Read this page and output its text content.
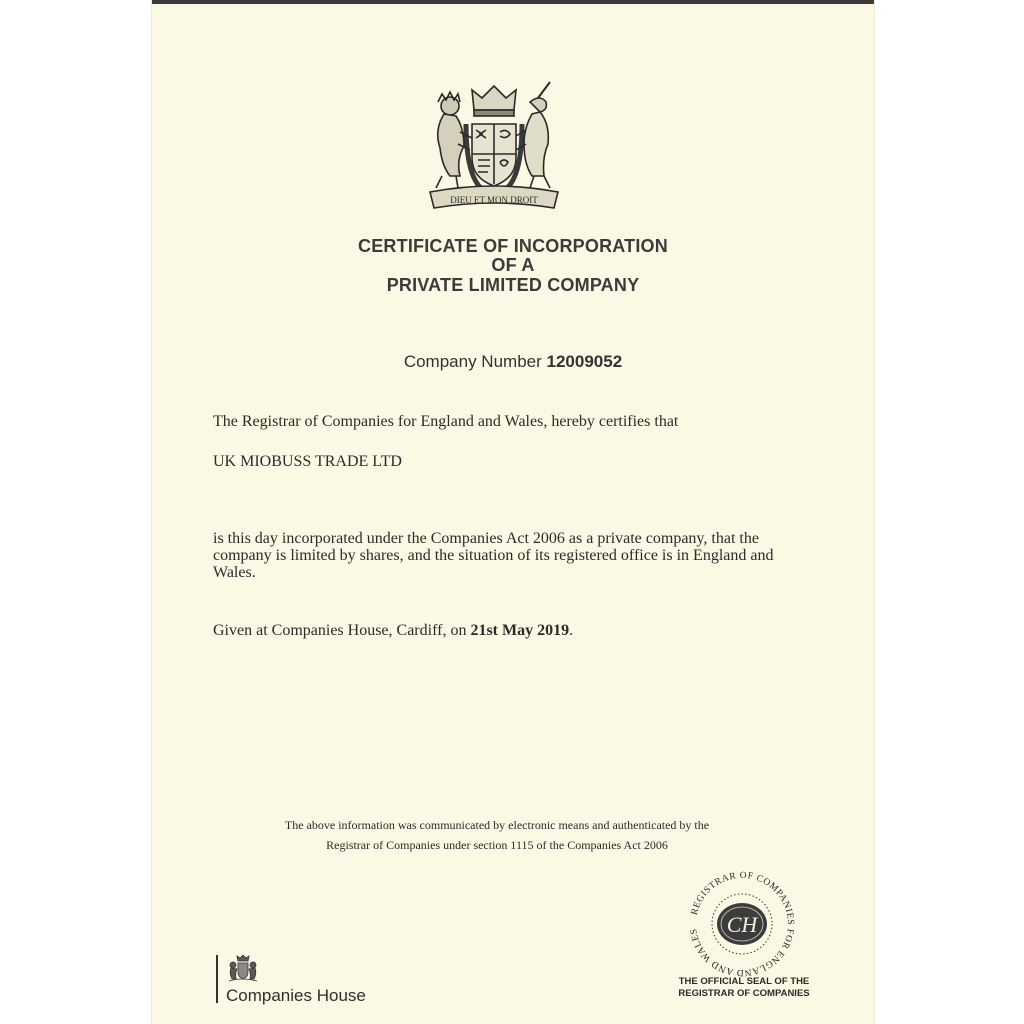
DIEU ET MON DROIT
CERTIFICATE OF INCORPORATION
OF A
PRIVATE LIMITED COMPANY
Company Number 12009052
The Registrar of Companies for England and Wales, hereby certifies that
UK MIOBUSS TRADE LTD
is this day incorporated under the Companies Act 2006 as a private company, that the company is limited by shares, and the situation of its registered office is in England and Wales.
Given at Companies House, Cardiff, on 21st May 2019.
The above information was communicated by electronic means and authenticated by the
Registrar of Companies under section 1115 of the Companies Act 2006
Companies House
CH
REGISTRAR OF COMPANIES FOR ENGLAND AND WALES
THE OFFICIAL SEAL OF THE
REGISTRAR OF COMPANIES
